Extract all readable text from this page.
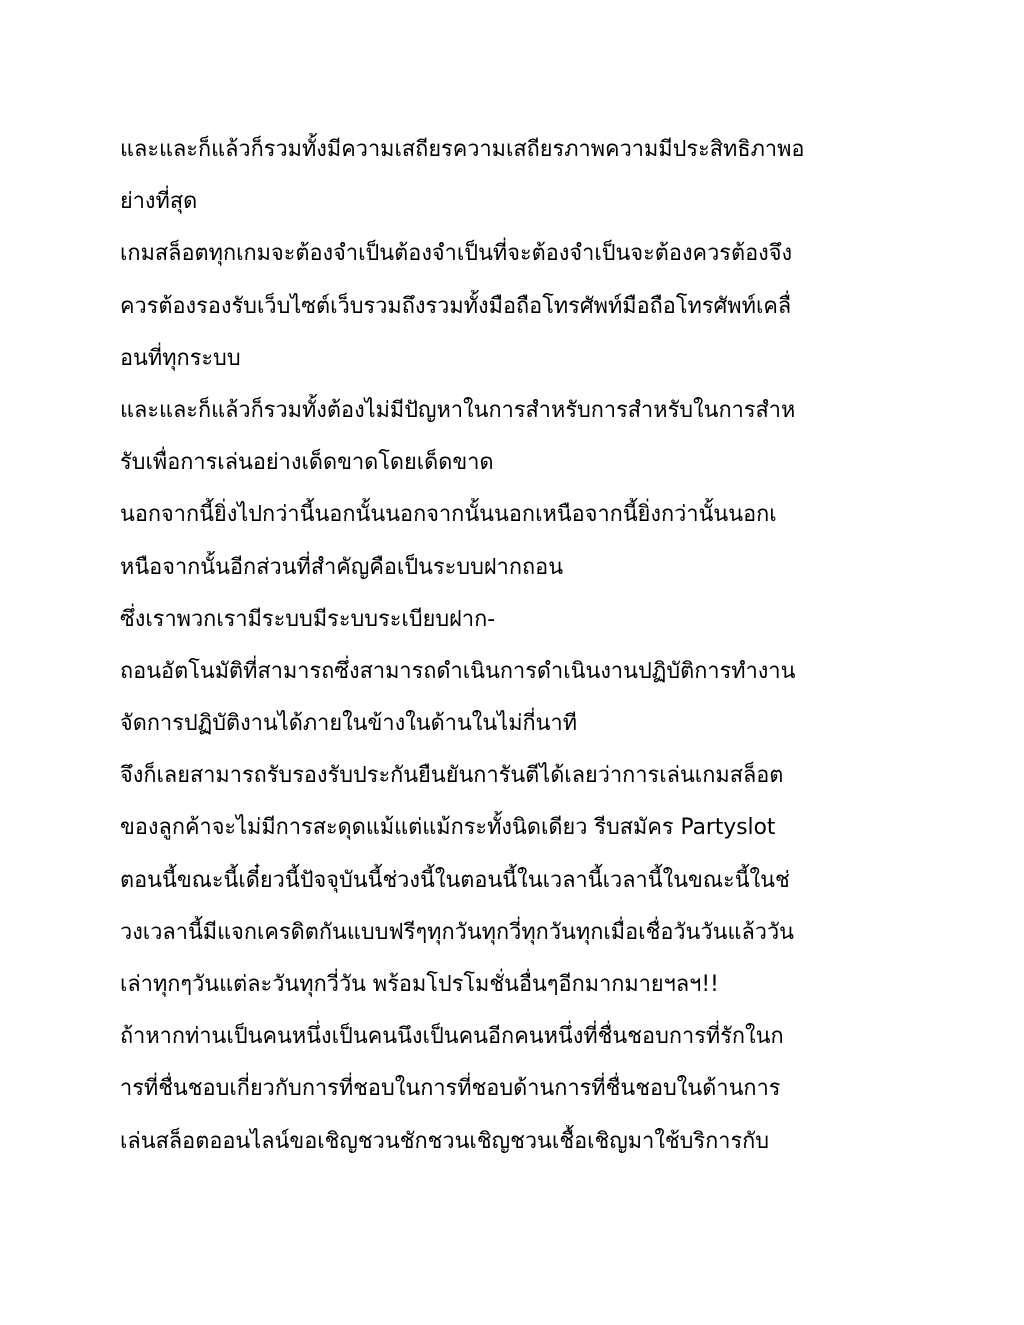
และและก็แล้วก็รวมทั้งมีความเสถียรความเสถียรภาพความมีประสิทธิภาพอ
ย่างที่สุด
เกมสล็อตทุกเกมจะต้องจำเป็นต้องจำเป็นที่จะต้องจำเป็นจะต้องควรต้องจึง
ควรต้องรองรับเว็บไซต์เว็บรวมถึงรวมทั้งมือถือโทรศัพท์มือถือโทรศัพท์เคลื่
อนที่ทุกระบบ
และและก็แล้วก็รวมทั้งต้องไม่มีปัญหาในการสำหรับการสำหรับในการสำห
รับเพื่อการเล่นอย่างเด็ดขาดโดยเด็ดขาด
นอกจากนี้ยิ่งไปกว่านี้นอกนั้นนอกจากนั้นนอกเหนือจากนี้ยิ่งกว่านั้นนอกเ
หนือจากนั้นอีกส่วนที่สำคัญคือเป็นระบบฝากถอน
ซึ่งเราพวกเรามีระบบมีระบบระเบียบฝาก-
ถอนอัตโนมัติที่สามารถซึ่งสามารถดำเนินการดำเนินงานปฏิบัติการทำงาน
จัดการปฏิบัติงานได้ภายในข้างในด้านในไม่กี่นาที
จึงก็เลยสามารถรับรองรับประกันยืนยันการันตีได้เลยว่าการเล่นเกมสล็อต
ของลูกค้าจะไม่มีการสะดุดแม้แต่แม้กระทั้งนิดเดียว รีบสมัคร Partyslot
ตอนนี้ขณะนี้เดี๋ยวนี้ปัจจุบันนี้ช่วงนี้ในตอนนี้ในเวลานี้เวลานี้ในขณะนี้ในช่
วงเวลานี้มีแจกเครดิตกันแบบฟรีๆทุกวันทุกวี่ทุกวันทุกเมื่อเชื่อวันวันแล้ววัน
เล่าทุกๆวันแต่ละวันทุกวี่วัน พร้อมโปรโมชั่นอื่นๆอีกมากมายฯลฯ!!
ถ้าหากท่านเป็นคนหนึ่งเป็นคนนึงเป็นคนอีกคนหนึ่งที่ชื่นชอบการที่รักในก
ารที่ชื่นชอบเกี่ยวกับการที่ชอบในการที่ชอบด้านการที่ชื่นชอบในด้านการ
เล่นสล็อตออนไลน์ขอเชิญชวนชักชวนเชิญชวนเชื้อเชิญมาใช้บริการกับ
